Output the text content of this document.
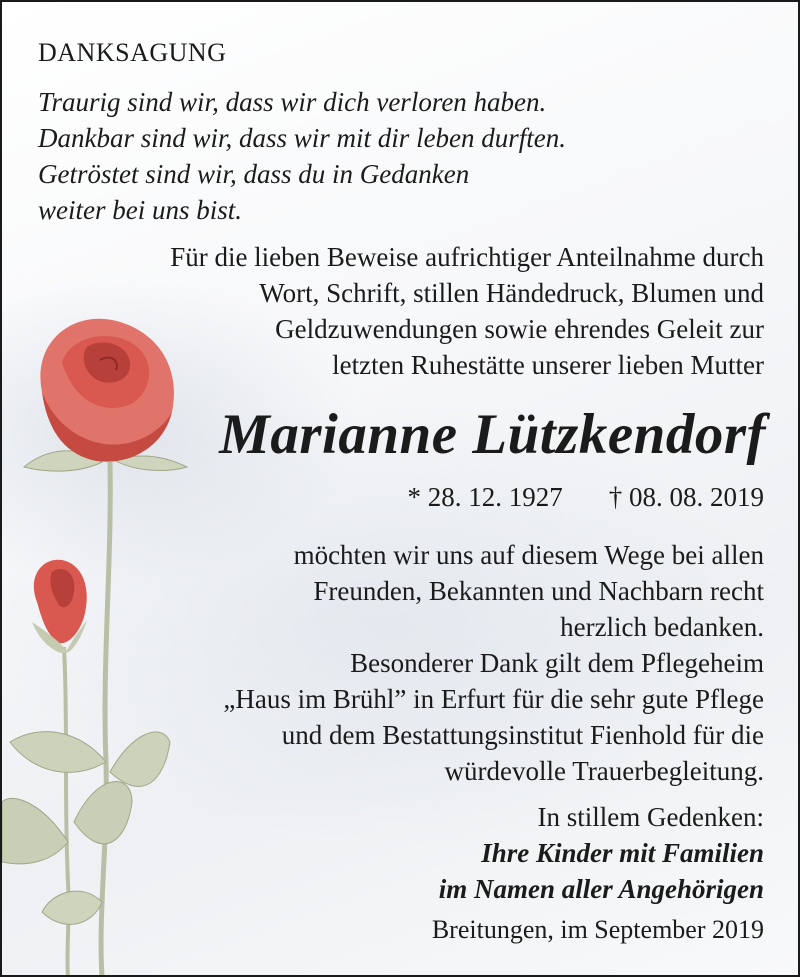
DANKSAGUNG
Traurig sind wir, dass wir dich verloren haben.
Dankbar sind wir, dass wir mit dir leben durften.
Getröstet sind wir, dass du in Gedanken
weiter bei uns bist.
Für die lieben Beweise aufrichtiger Anteilnahme durch
Wort, Schrift, stillen Händedruck, Blumen und
Geldzuwendungen sowie ehrendes Geleit zur
letzten Ruhestätte unserer lieben Mutter
Marianne Lützkendorf
* 28. 12. 1927 † 08. 08. 2019
möchten wir uns auf diesem Wege bei allen
Freunden, Bekannten und Nachbarn recht
herzlich bedanken.
Besonderer Dank gilt dem Pflegeheim
„Haus im Brühl” in Erfurt für die sehr gute Pflege
und dem Bestattungsinstitut Fienhold für die
würdevolle Trauerbegleitung.
In stillem Gedenken:
Ihre Kinder mit Familien
im Namen aller Angehörigen
Breitungen, im September 2019
